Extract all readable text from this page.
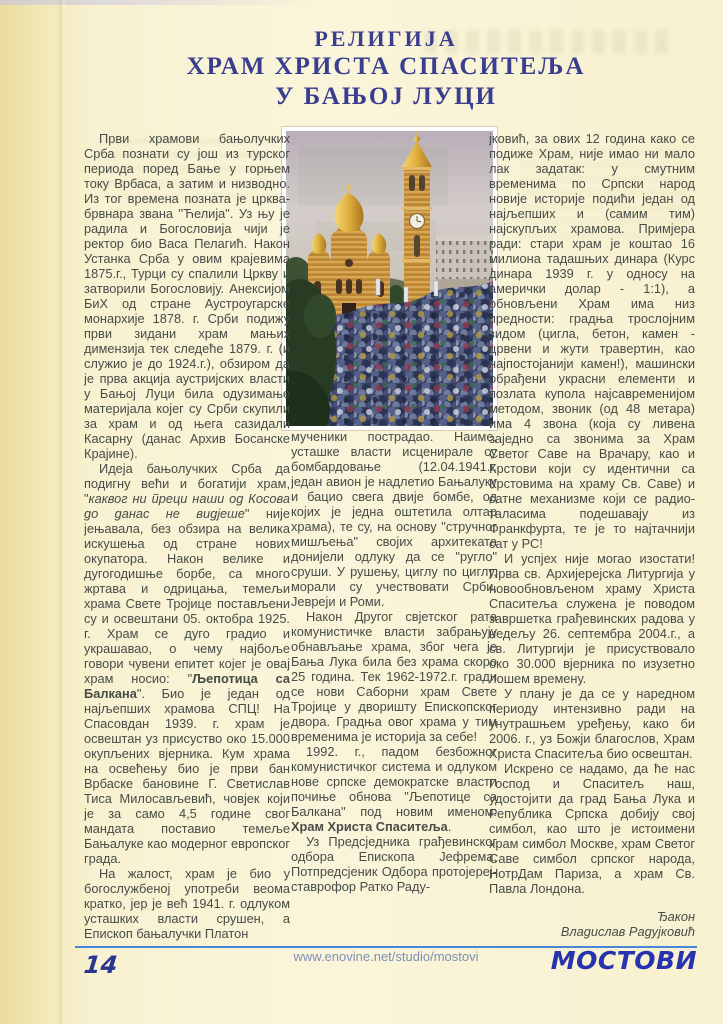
РЕЛИГИЈА
ХРАМ ХРИСТА СПАСИТЕЉА
У БАЊОЈ ЛУЦИ

Први храмови бањолучких Срба познати су још из турског периода поред Бање у горњем току Врбаса, а затим и низводно. Из тог времена позната је црква-брвнара звана "Ћелија". Уз њу је радила и Богословија чији је ректор био Васа Пелагић. Након Устанка Срба у овим крајевима 1875.г., Турци су спалили Цркву и затворили Богословију. Анексијом БиХ од стране Аустроугарске монархије 1878. г. Срби подижу први зидани храм мањих димензија тек следеће 1879. г. (и служио је до 1924.г.), обзиром да је прва акција аустријских власти у Бањој Луци била одузимање материјала којег су Срби скупили за храм и од њега сазидали Касарну (данас Архив Босанске Крајине).

Идеја бањолучких Срба да подигну већи и богатији храм, "каквог ни преци наши од Косова до данас не видјеше" није јењавала, без обзира на велика искушења од стране нових окупатора. Након велике и дугогодишње борбе, са много жртава и одрицања, темељи храма Свете Тројице постављени су и освештани 05. октобра 1925. г. Храм се дуго градио и украшавао, о чему најбоље говори чувени епитет којег је овај храм носио: "Љепотица са Балкана". Био је један од најљепших храмова СПЦ! На Спасовдан 1939. г. храм је освештан уз присуство око 15.000 окупљених вјерника. Кум храма на освећењу био је први бан Врбаске бановине Г. Светислав Тиса Милосављевић, човјек који је за само 4,5 године свог мандата поставио темеље Бањалуке као модерног европског града.

На жалост, храм је био у богослужбеној употреби веома кратко, јер је већ 1941. г. одлуком усташких власти срушен, а Епископ бањалучки Платон

мученики пострадао. Наиме, усташке власти исценирале су бомбардовање (12.04.1941.г. један авион је надлетио Бањалуку и бацио свега двије бомбе, од којих је једна оштетила олтар храма), те су, на основу "стручног мишљења" својих архитеката донијели одлуку да се "ругло" сруши. У рушењу, циглу по циглу, морали су учествовати Срби, Јевреји и Роми.

Након Другог свјетског рата комунистичке власти забрањују обнављање храма, због чега је Бања Лука била без храма скоро 25 година. Тек 1962-1972.г. гради се нови Саборни храм Свете Тројице у дворишту Епископског двора. Градња овог храма у тим временима је историја за себе!

1992. г., падом безбожног комунистичког система и одлуком нове српске демократске власти почиње обнова "Љепотице са Балкана" под новим именом: Храм Христа Спаситеља.

Уз Предсједника грађевинског одбора Епископа Јефрема, Потпредсјеник Одбора протојереј-ставрофор Ратко Раду-

јковић, за ових 12 година како се подиже Храм, није имао ни мало лак задатак: у смутним временима по Српски народ новије историје подићи један од најљепших и (самим тим) најскупљих храмова. Примјера ради: стари храм је коштао 16 милиона тадашњих динара (Курс динара 1939 г. у односу на амерички долар - 1:1), а обновљени Храм има низ предности: градња трослојним зидом (цигла, бетон, камен - црвени и жути травертин, као најпостојанији камен!), машински обрађени украсни елементи и позлата купола најсавременијом методом, звоник (од 48 метара) има 4 звона (која су ливена заједно са звонима за Храм Светог Саве на Врачару, као и Крстови који су идентични са Крстовима на храму Св. Саве) и сатне механизме који се радио-таласима подешавају из Франкфурта, те је то најтачнији сат у РС!

И успјех није могао изостати! Прва св. Архијерејска Литургија у новообновљеном храму Христа Спаситеља служена је поводом завршетка грађевинских радова у недељу 26. септембра 2004.г., а св. Литургији је присуствовало око 30.000 вјерника по изузетно лошем времену.

У плану је да се у наредном периоду интензивно ради на унутрашњем уређењу, како би 2006. г., уз Божји благослов, Храм Христа Спаситеља био освештан.

Искрено се надамо, да ће нас Господ и Спаситељ наш, удостојити да град Бања Лука и Република Српска добију свој симбол, као што је истоимени храм симбол Москве, храм Светог Саве симбол српског народа, НотрДам Париза, а храм Св. Павла Лондона.

Ђакон

Владислав Радујковић

14	www.enovine.net/studio/mostovi	МОСТОВИ
